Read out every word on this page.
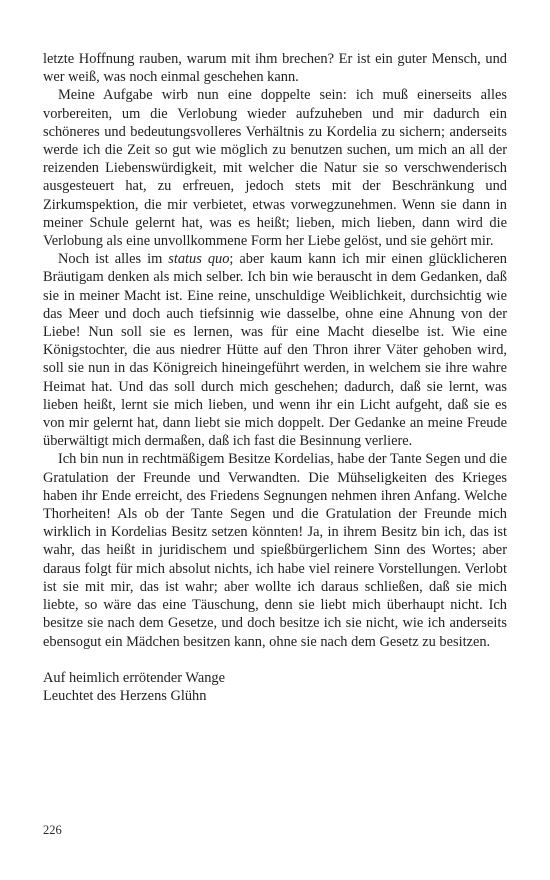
letzte Hoffnung rauben, warum mit ihm brechen? Er ist ein guter Mensch, und wer weiß, was noch einmal geschehen kann.

Meine Aufgabe wirb nun eine doppelte sein: ich muß einerseits alles vorbereiten, um die Verlobung wieder aufzuheben und mir dadurch ein schöneres und bedeutungsvolleres Verhältnis zu Kordelia zu sichern; anderseits werde ich die Zeit so gut wie möglich zu benutzen suchen, um mich an all der reizenden Liebenswürdigkeit, mit welcher die Natur sie so verschwenderisch ausgesteuert hat, zu erfreuen, jedoch stets mit der Beschränkung und Zirkumspektion, die mir verbietet, etwas vorwegzunehmen. Wenn sie dann in meiner Schule gelernt hat, was es heißt; lieben, mich lieben, dann wird die Verlobung als eine unvollkommene Form her Liebe gelöst, und sie gehört mir.

Noch ist alles im status quo; aber kaum kann ich mir einen glücklicheren Bräutigam denken als mich selber. Ich bin wie berauscht in dem Gedanken, daß sie in meiner Macht ist. Eine reine, unschuldige Weiblichkeit, durchsichtig wie das Meer und doch auch tiefsinnig wie dasselbe, ohne eine Ahnung von der Liebe! Nun soll sie es lernen, was für eine Macht dieselbe ist. Wie eine Königstochter, die aus niedrer Hütte auf den Thron ihrer Väter gehoben wird, soll sie nun in das Königreich hineingeführt werden, in welchem sie ihre wahre Heimat hat. Und das soll durch mich geschehen; dadurch, daß sie lernt, was lieben heißt, lernt sie mich lieben, und wenn ihr ein Licht aufgeht, daß sie es von mir gelernt hat, dann liebt sie mich doppelt. Der Gedanke an meine Freude überwältigt mich dermaßen, daß ich fast die Besinnung verliere.

Ich bin nun in rechtmäßigem Besitze Kordelias, habe der Tante Segen und die Gratulation der Freunde und Verwandten. Die Mühseligkeiten des Krieges haben ihr Ende erreicht, des Friedens Segnungen nehmen ihren Anfang. Welche Thorheiten! Als ob der Tante Segen und die Gratulation der Freunde mich wirklich in Kordelias Besitz setzen könnten! Ja, in ihrem Besitz bin ich, das ist wahr, das heißt in juridischem und spießbürgerlichem Sinn des Wortes; aber daraus folgt für mich absolut nichts, ich habe viel reinere Vorstellungen. Verlobt ist sie mit mir, das ist wahr; aber wollte ich daraus schließen, daß sie mich liebte, so wäre das eine Täuschung, denn sie liebt mich überhaupt nicht. Ich besitze sie nach dem Gesetze, und doch besitze ich sie nicht, wie ich anderseits ebensogut ein Mädchen besitzen kann, ohne sie nach dem Gesetz zu besitzen.

Auf heimlich errötender Wange
Leuchtet des Herzens Glühn
226
